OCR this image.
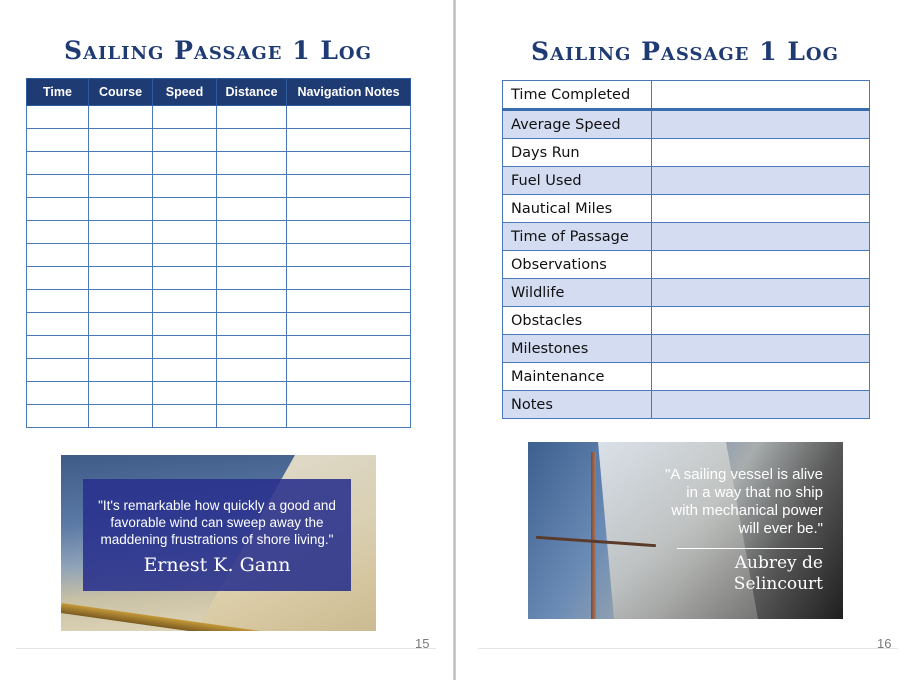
Sailing Passage 1 Log
Time	Course	Speed	Distance	Navigation Notes

"It's remarkable how quickly a good and favorable wind can sweep away the maddening frustrations of shore living."
Ernest K. Gann
15
Sailing Passage 1 Log
Time Completed	
Average Speed	
Days Run	
Fuel Used	
Nautical Miles	
Time of Passage	
Observations	
Wildlife	
Obstacles	
Milestones	
Maintenance	
Notes	
"A sailing vessel is alive in a way that no ship with mechanical power will ever be."
Aubrey de Selincourt
16
